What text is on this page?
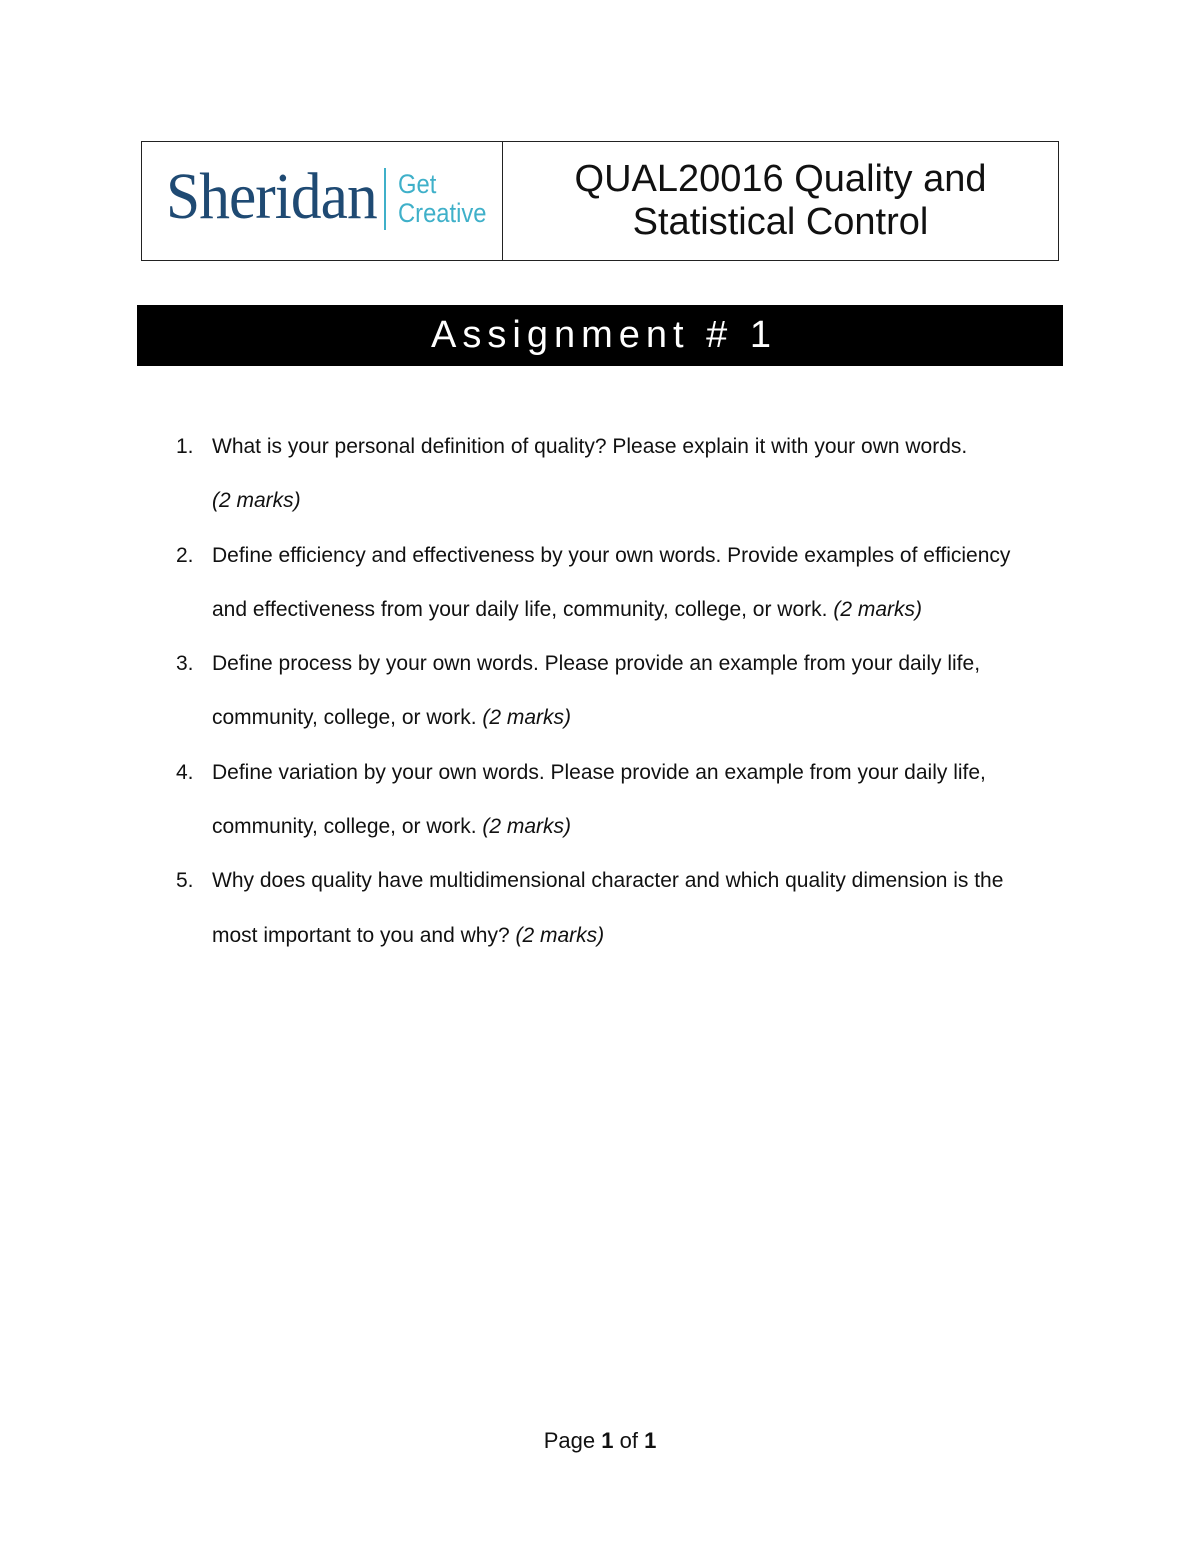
Sheridan Get
Creative
QUAL20016 Quality and Statistical Control
Assignment # 1
1. What is your personal definition of quality? Please explain it with your own words.
(2 marks)
2. Define efficiency and effectiveness by your own words. Provide examples of efficiency and effectiveness from your daily life, community, college, or work. (2 marks)
3. Define process by your own words. Please provide an example from your daily life, community, college, or work. (2 marks)
4. Define variation by your own words. Please provide an example from your daily life, community, college, or work. (2 marks)
5. Why does quality have multidimensional character and which quality dimension is the most important to you and why? (2 marks)
Page 1 of 1
